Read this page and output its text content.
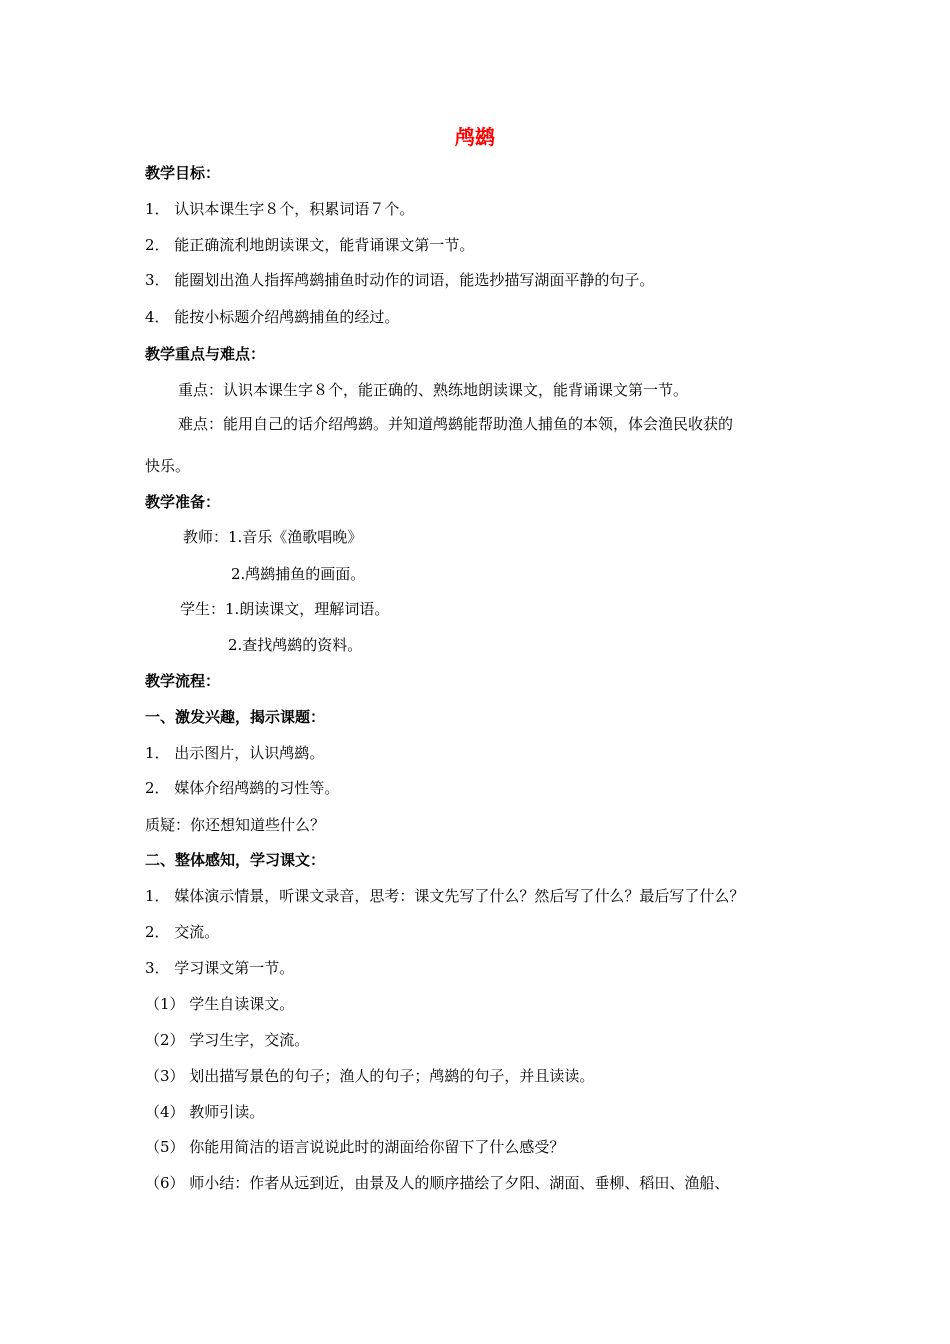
鸬鹚
教学目标：
1． 认识本课生字８个，积累词语７个。
2． 能正确流利地朗读课文，能背诵课文第一节。
3． 能圈划出渔人指挥鸬鹚捕鱼时动作的词语，能选抄描写湖面平静的句子。
4． 能按小标题介绍鸬鹚捕鱼的经过。
教学重点与难点：
重点：认识本课生字８个，能正确的、熟练地朗读课文，能背诵课文第一节。
难点：能用自己的话介绍鸬鹚。并知道鸬鹚能帮助渔人捕鱼的本领，体会渔民收获的
快乐。
教学准备：
教师：1.音乐《渔歌唱晚》
2.鸬鹚捕鱼的画面。
学生：1.朗读课文，理解词语。
2.查找鸬鹚的资料。
教学流程：
一、激发兴趣，揭示课题：
1． 出示图片，认识鸬鹚。
2． 媒体介绍鸬鹚的习性等。
质疑：你还想知道些什么？
二、整体感知，学习课文：
1． 媒体演示情景，听课文录音，思考：课文先写了什么？然后写了什么？最后写了什么？
2． 交流。
3． 学习课文第一节。
（1） 学生自读课文。
（2） 学习生字，交流。
（3） 划出描写景色的句子；渔人的句子；鸬鹚的句子，并且读读。
（4） 教师引读。
（5） 你能用简洁的语言说说此时的湖面给你留下了什么感受？
（6） 师小结：作者从远到近，由景及人的顺序描绘了夕阳、湖面、垂柳、稻田、渔船、
